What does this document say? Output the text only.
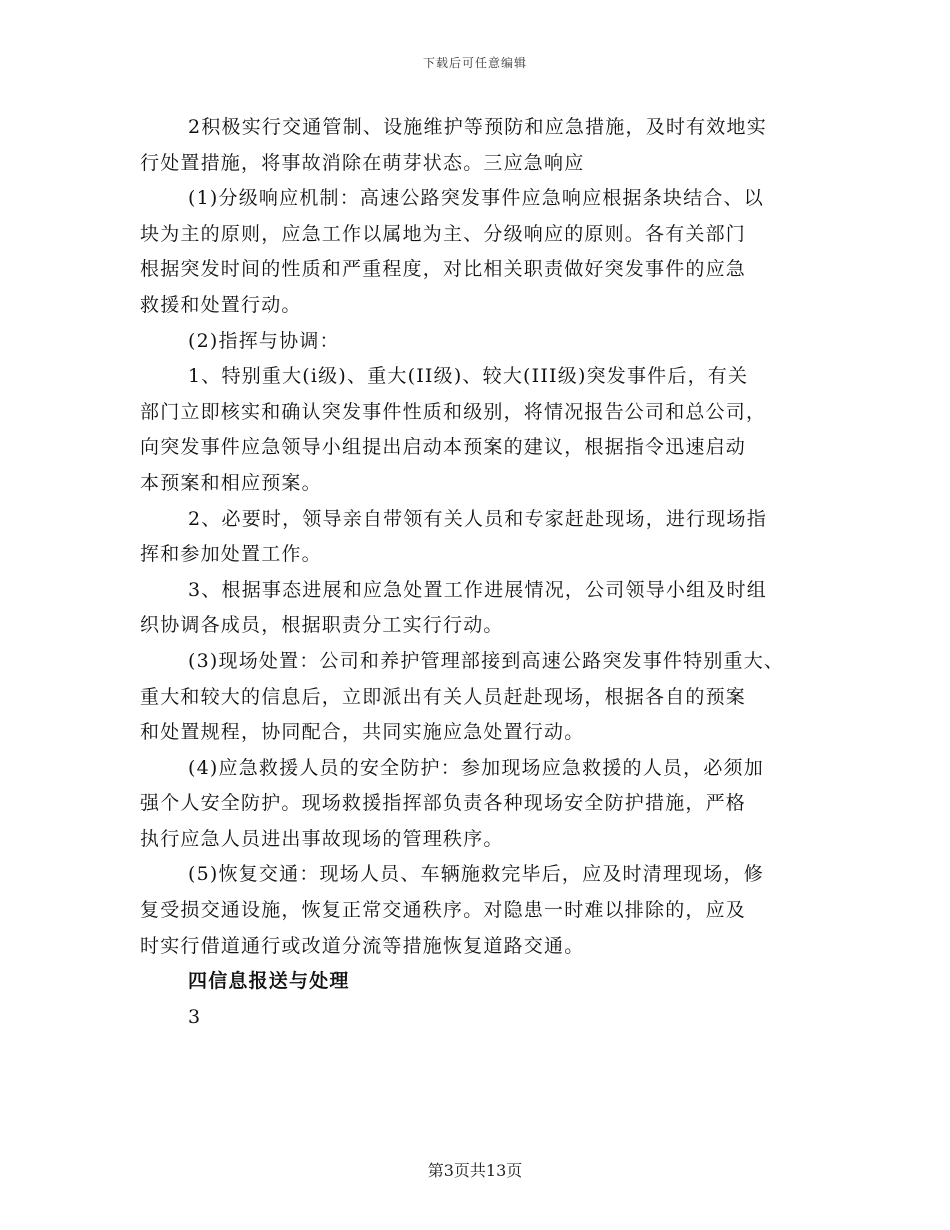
下载后可任意编辑
2积极实行交通管制、设施维护等预防和应急措施，及时有效地实
行处置措施，将事故消除在萌芽状态。三应急响应
(1)分级响应机制：高速公路突发事件应急响应根据条块结合、以
块为主的原则，应急工作以属地为主、分级响应的原则。各有关部门
根据突发时间的性质和严重程度，对比相关职责做好突发事件的应急
救援和处置行动。
(2)指挥与协调：
1、特别重大(i级)、重大(II级)、较大(III级)突发事件后，有关
部门立即核实和确认突发事件性质和级别，将情况报告公司和总公司，
向突发事件应急领导小组提出启动本预案的建议，根据指令迅速启动
本预案和相应预案。
2、必要时，领导亲自带领有关人员和专家赶赴现场，进行现场指
挥和参加处置工作。
3、根据事态进展和应急处置工作进展情况，公司领导小组及时组
织协调各成员，根据职责分工实行行动。
(3)现场处置：公司和养护管理部接到高速公路突发事件特别重大、
重大和较大的信息后，立即派出有关人员赶赴现场，根据各自的预案
和处置规程，协同配合，共同实施应急处置行动。
(4)应急救援人员的安全防护：参加现场应急救援的人员，必须加
强个人安全防护。现场救援指挥部负责各种现场安全防护措施，严格
执行应急人员进出事故现场的管理秩序。
(5)恢复交通：现场人员、车辆施救完毕后，应及时清理现场，修
复受损交通设施，恢复正常交通秩序。对隐患一时难以排除的，应及
时实行借道通行或改道分流等措施恢复道路交通。
四信息报送与处理
3
第3页共13页
